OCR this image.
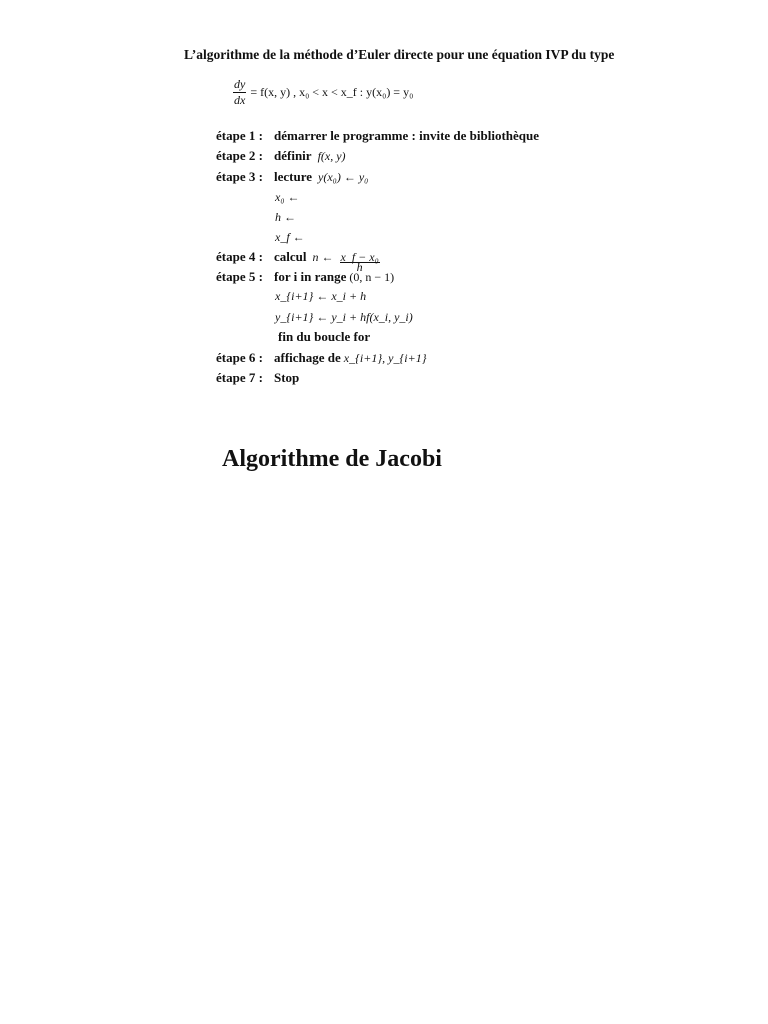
L’algorithme de la méthode d’Euler directe pour une équation IVP du type
$\frac{dy}{dx} = f(x$, y) , x₀ < x < x_f : y(x₀) = y₀
étape 1 : démarrer le programme : invite de bibliothèque
étape 2 : définir f(x, y)
étape 3 : lecture y(x₀) ← y₀
x₀ ←
h ←
x_f ←
étape 4 : calcul n ← $\frac{\text{x\_f − x₀}}{h}$
étape 5 : for i in range (0, n − 1)
x_{i+1} ← x_i + h
y_{i+1} ← y_i + hf(x_i, y_i)
fin du boucle for
étape 6 : affichage de x_{i+1}, y_{i+1}
étape 7 : Stop
Algorithme de Jacobi
